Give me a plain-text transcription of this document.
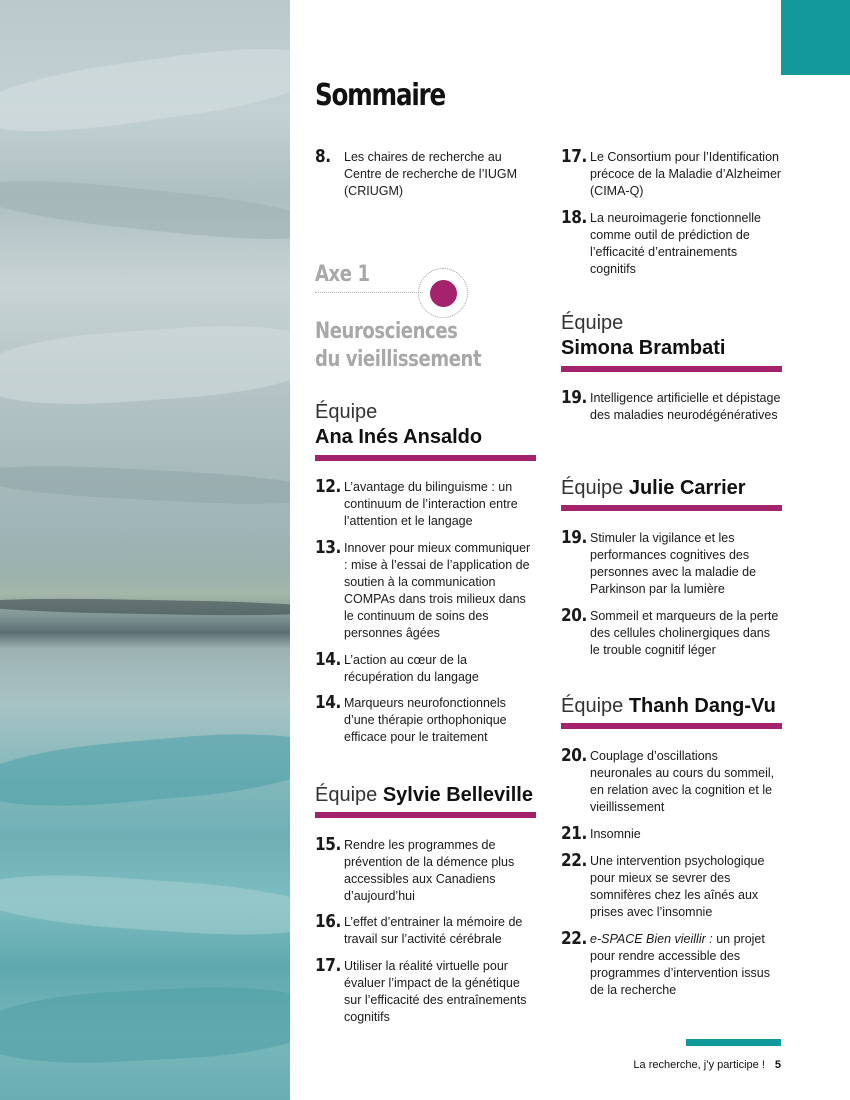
Sommaire
8.	Les chaires de recherche au Centre de recherche de l’IUGM (CRIUGM)
Axe 1
Neurosciences
du vieillissement
Équipe
Ana Inés Ansaldo
12. L’avantage du bilinguisme : un continuum de l’interaction entre l’attention et le langage
13. Innover pour mieux communiquer : mise à l’essai de l’application de soutien à la communication COMPAs dans trois milieux dans le continuum de soins des personnes âgées
14. L’action au cœur de la récupération du langage
14. Marqueurs neurofonctionnels d’une thérapie orthophonique efficace pour le traitement
Équipe Sylvie Belleville
15. Rendre les programmes de prévention de la démence plus accessibles aux Canadiens d’aujourd’hui
16. L’effet d’entrainer la mémoire de travail sur l’activité cérébrale
17. Utiliser la réalité virtuelle pour évaluer l’impact de la génétique sur l’efficacité des entraînements cognitifs
17. Le Consortium pour l’Identification précoce de la Maladie d’Alzheimer (CIMA-Q)
18. La neuroimagerie fonctionnelle comme outil de prédiction de l’efficacité d’entrainements cognitifs
Équipe
Simona Brambati
19. Intelligence artificielle et dépistage des maladies neurodégénératives
Équipe Julie Carrier
19. Stimuler la vigilance et les performances cognitives des personnes avec la maladie de Parkinson par la lumière
20. Sommeil et marqueurs de la perte des cellules cholinergiques dans le trouble cognitif léger
Équipe Thanh Dang-Vu
20. Couplage d’oscillations neuronales au cours du sommeil, en relation avec la cognition et le vieillissement
21. Insomnie
22. Une intervention psychologique pour mieux se sevrer des somnifères chez les aînés aux prises avec l’insomnie
22. e-SPACE Bien vieillir : un projet pour rendre accessible des programmes d’intervention issus de la recherche
La recherche, j’y participe ! 5
